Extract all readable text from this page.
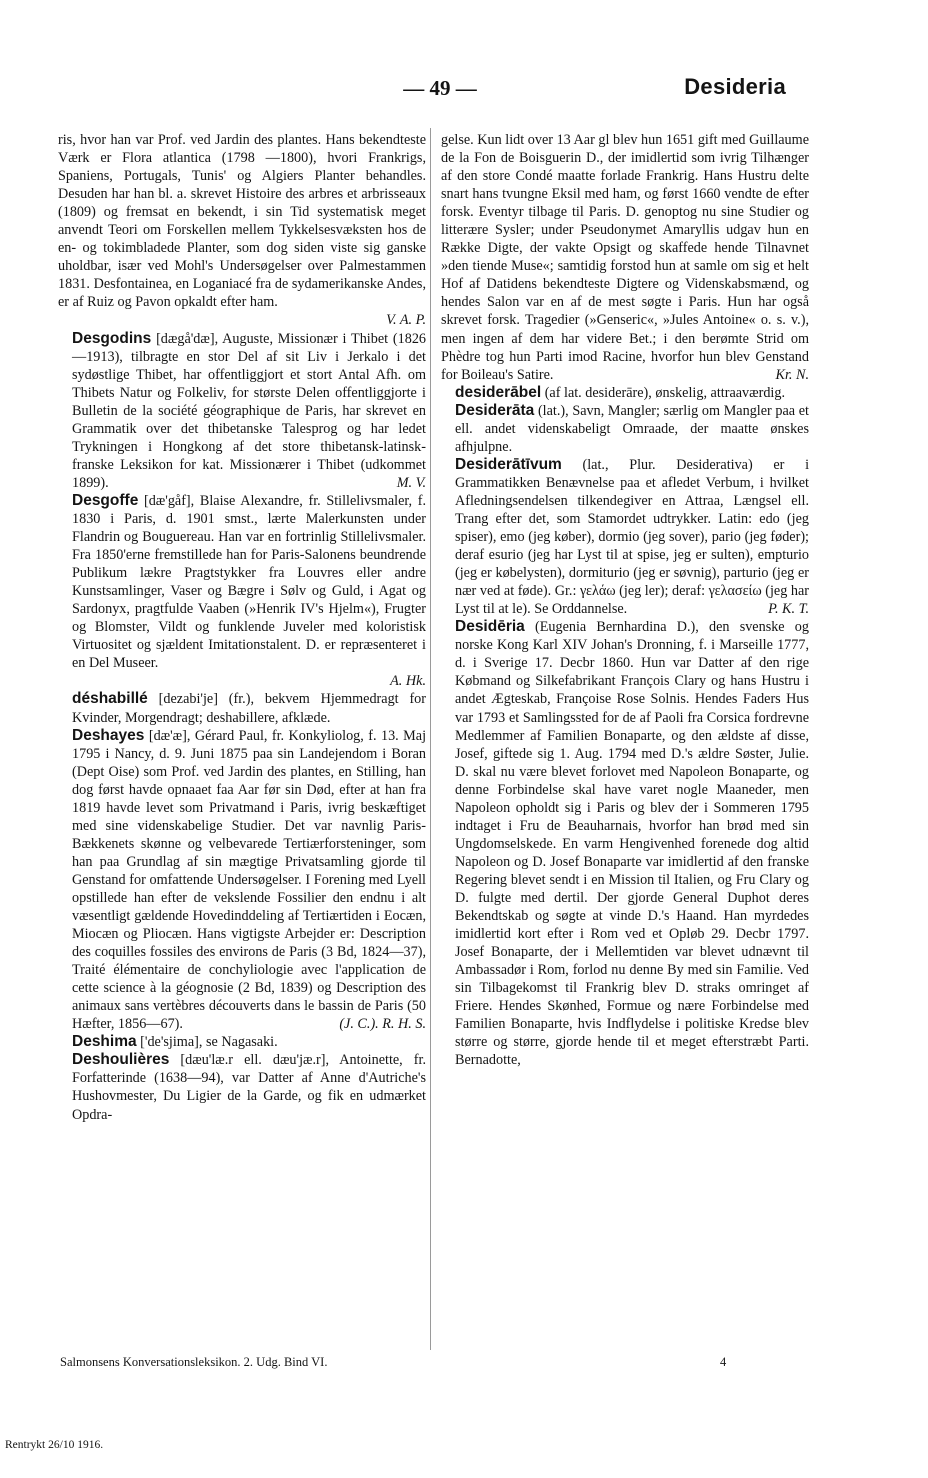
— 49 —	Desideria

ris, hvor han var Prof. ved Jardin des plantes. Hans bekendteste Værk er Flora atlantica (1798 —1800), hvori Frankrigs, Spaniens, Portugals, Tunis' og Algiers Planter behandles. Desuden har han bl. a. skrevet Histoire des arbres et arbrisseaux (1809) og fremsat en bekendt, i sin Tid systematisk meget anvendt Teori om Forskellen mellem Tykkelsesvæksten hos de en- og tokimbladede Planter, som dog siden viste sig ganske uholdbar, især ved Mohl's Undersøgelser over Palmestammen 1831. Desfontainea, en Loganiacé fra de sydamerikanske Andes, er af Ruiz og Pavon opkaldt efter ham.

V. A. P.

Desgodins [dægå'dæ], Auguste, Missionær i Thibet (1826—1913), tilbragte en stor Del af sit Liv i Jerkalo i det sydøstlige Thibet, har offentliggjort et stort Antal Afh. om Thibets Natur og Folkeliv, for største Delen offentliggjorte i Bulletin de la société géographique de Paris, har skrevet en Grammatik over det thibetanske Talesprog og har ledet Trykningen i Hongkong af det store thibetansk-latinsk-franske Leksikon for kat. Missionærer i Thibet (udkommet 1899).	M. V.

Desgoffe [dæ'gåf], Blaise Alexandre, fr. Stillelivsmaler, f. 1830 i Paris, d. 1901 smst., lærte Malerkunsten under Flandrin og Bouguereau. Han var en fortrinlig Stillelivsmaler. Fra 1850'erne fremstillede han for Paris-Salonens beundrende Publikum lækre Pragtstykker fra Louvres eller andre Kunstsamlinger, Vaser og Bægre i Sølv og Guld, i Agat og Sardonyx, pragtfulde Vaaben (»Henrik IV's Hjelm«), Frugter og Blomster, Vildt og funklende Juveler med koloristisk Virtuositet og sjældent Imitationstalent. D. er repræsenteret i en Del Museer.

A. Hk.

déshabillé [dezabi'je] (fr.), bekvem Hjemmedragt for Kvinder, Morgendragt; deshabillere, afklæde.

Deshayes [dæ'æ], Gérard Paul, fr. Konkyliolog, f. 13. Maj 1795 i Nancy, d. 9. Juni 1875 paa sin Landejendom i Boran (Dept Oise) som Prof. ved Jardin des plantes, en Stilling, han dog først havde opnaaet faa Aar før sin Død, efter at han fra 1819 havde levet som Privatmand i Paris, ivrig beskæftiget med sine videnskabelige Studier. Det var navnlig Paris-Bækkenets skønne og velbevarede Tertiærforsteninger, som han paa Grundlag af sin mægtige Privatsamling gjorde til Genstand for omfattende Undersøgelser. I Forening med Lyell opstillede han efter de vekslende Fossilier den endnu i alt væsentligt gældende Hovedinddeling af Tertiærtiden i Eocæn, Miocæn og Pliocæn. Hans vigtigste Arbejder er: Description des coquilles fossiles des environs de Paris (3 Bd, 1824—37), Traité élémentaire de conchyliologie avec l'application de cette science à la géognosie (2 Bd, 1839) og Description des animaux sans vertèbres découverts dans le bassin de Paris (50 Hæfter, 1856—67).	(J. C.). R. H. S.

Deshima ['de'sjima], se Nagasaki.

Deshoulières [dæu'læ.r ell. dæu'jæ.r], Antoinette, fr. Forfatterinde (1638—94), var Datter af Anne d'Autriche's Hushovmester, Du Ligier de la Garde, og fik en udmærket Opdra-

gelse. Kun lidt over 13 Aar gl blev hun 1651 gift med Guillaume de la Fon de Boisguerin D., der imidlertid som ivrig Tilhænger af den store Condé maatte forlade Frankrig. Hans Hustru delte snart hans tvungne Eksil med ham, og først 1660 vendte de efter forsk. Eventyr tilbage til Paris. D. genoptog nu sine Studier og litterære Sysler; under Pseudonymet Amaryllis udgav hun en Række Digte, der vakte Opsigt og skaffede hende Tilnavnet »den tiende Muse«; samtidig forstod hun at samle om sig et helt Hof af Datidens bekendteste Digtere og Videnskabsmænd, og hendes Salon var en af de mest søgte i Paris. Hun har også skrevet forsk. Tragedier (»Genseric«, »Jules Antoine« o. s. v.), men ingen af dem har videre Bet.; i den berømte Strid om Phèdre tog hun Parti imod Racine, hvorfor hun blev Genstand for Boileau's Satire.	Kr. N.

desiderābel (af lat. desiderāre), ønskelig, attraaværdig.

Desiderāta (lat.), Savn, Mangler; særlig om Mangler paa et ell. andet videnskabeligt Omraade, der maatte ønskes afhjulpne.

Desiderātīvum (lat., Plur. Desiderativa) er i Grammatikken Benævnelse paa et afledet Verbum, i hvilket Afledningsendelsen tilkendegiver en Attraa, Længsel ell. Trang efter det, som Stamordet udtrykker. Latin: edo (jeg spiser), emo (jeg køber), dormio (jeg sover), pario (jeg føder); deraf esurio (jeg har Lyst til at spise, jeg er sulten), empturio (jeg er købelysten), dormiturio (jeg er søvnig), parturio (jeg er nær ved at føde). Gr.: γελάω (jeg ler); deraf: γελασείω (jeg har Lyst til at le). Se Orddannelse.	P. K. T.

Desidēria (Eugenia Bernhardina D.), den svenske og norske Kong Karl XIV Johan's Dronning, f. i Marseille 1777, d. i Sverige 17. Decbr 1860. Hun var Datter af den rige Købmand og Silkefabrikant François Clary og hans Hustru i andet Ægteskab, Françoise Rose Solnis. Hendes Faders Hus var 1793 et Samlingssted for de af Paoli fra Corsica fordrevne Medlemmer af Familien Bonaparte, og den ældste af disse, Josef, giftede sig 1. Aug. 1794 med D.'s ældre Søster, Julie. D. skal nu være blevet forlovet med Napoleon Bonaparte, og denne Forbindelse skal have varet nogle Maaneder, men Napoleon opholdt sig i Paris og blev der i Sommeren 1795 indtaget i Fru de Beauharnais, hvorfor han brød med sin Ungdomselskede. En varm Hengivenhed forenede dog altid Napoleon og D. Josef Bonaparte var imidlertid af den franske Regering blevet sendt i en Mission til Italien, og Fru Clary og D. fulgte med dertil. Der gjorde General Duphot deres Bekendtskab og søgte at vinde D.'s Haand. Han myrdedes imidlertid kort efter i Rom ved et Opløb 29. Decbr 1797. Josef Bonaparte, der i Mellemtiden var blevet udnævnt til Ambassadør i Rom, forlod nu denne By med sin Familie. Ved sin Tilbagekomst til Frankrig blev D. straks omringet af Friere. Hendes Skønhed, Formue og nære Forbindelse med Familien Bonaparte, hvis Indflydelse i politiske Kredse blev større og større, gjorde hende til et meget efterstræbt Parti. Bernadotte,

Salmonsens Konversationsleksikon. 2. Udg. Bind VI.	4
Rentrykt 26/10 1916.
